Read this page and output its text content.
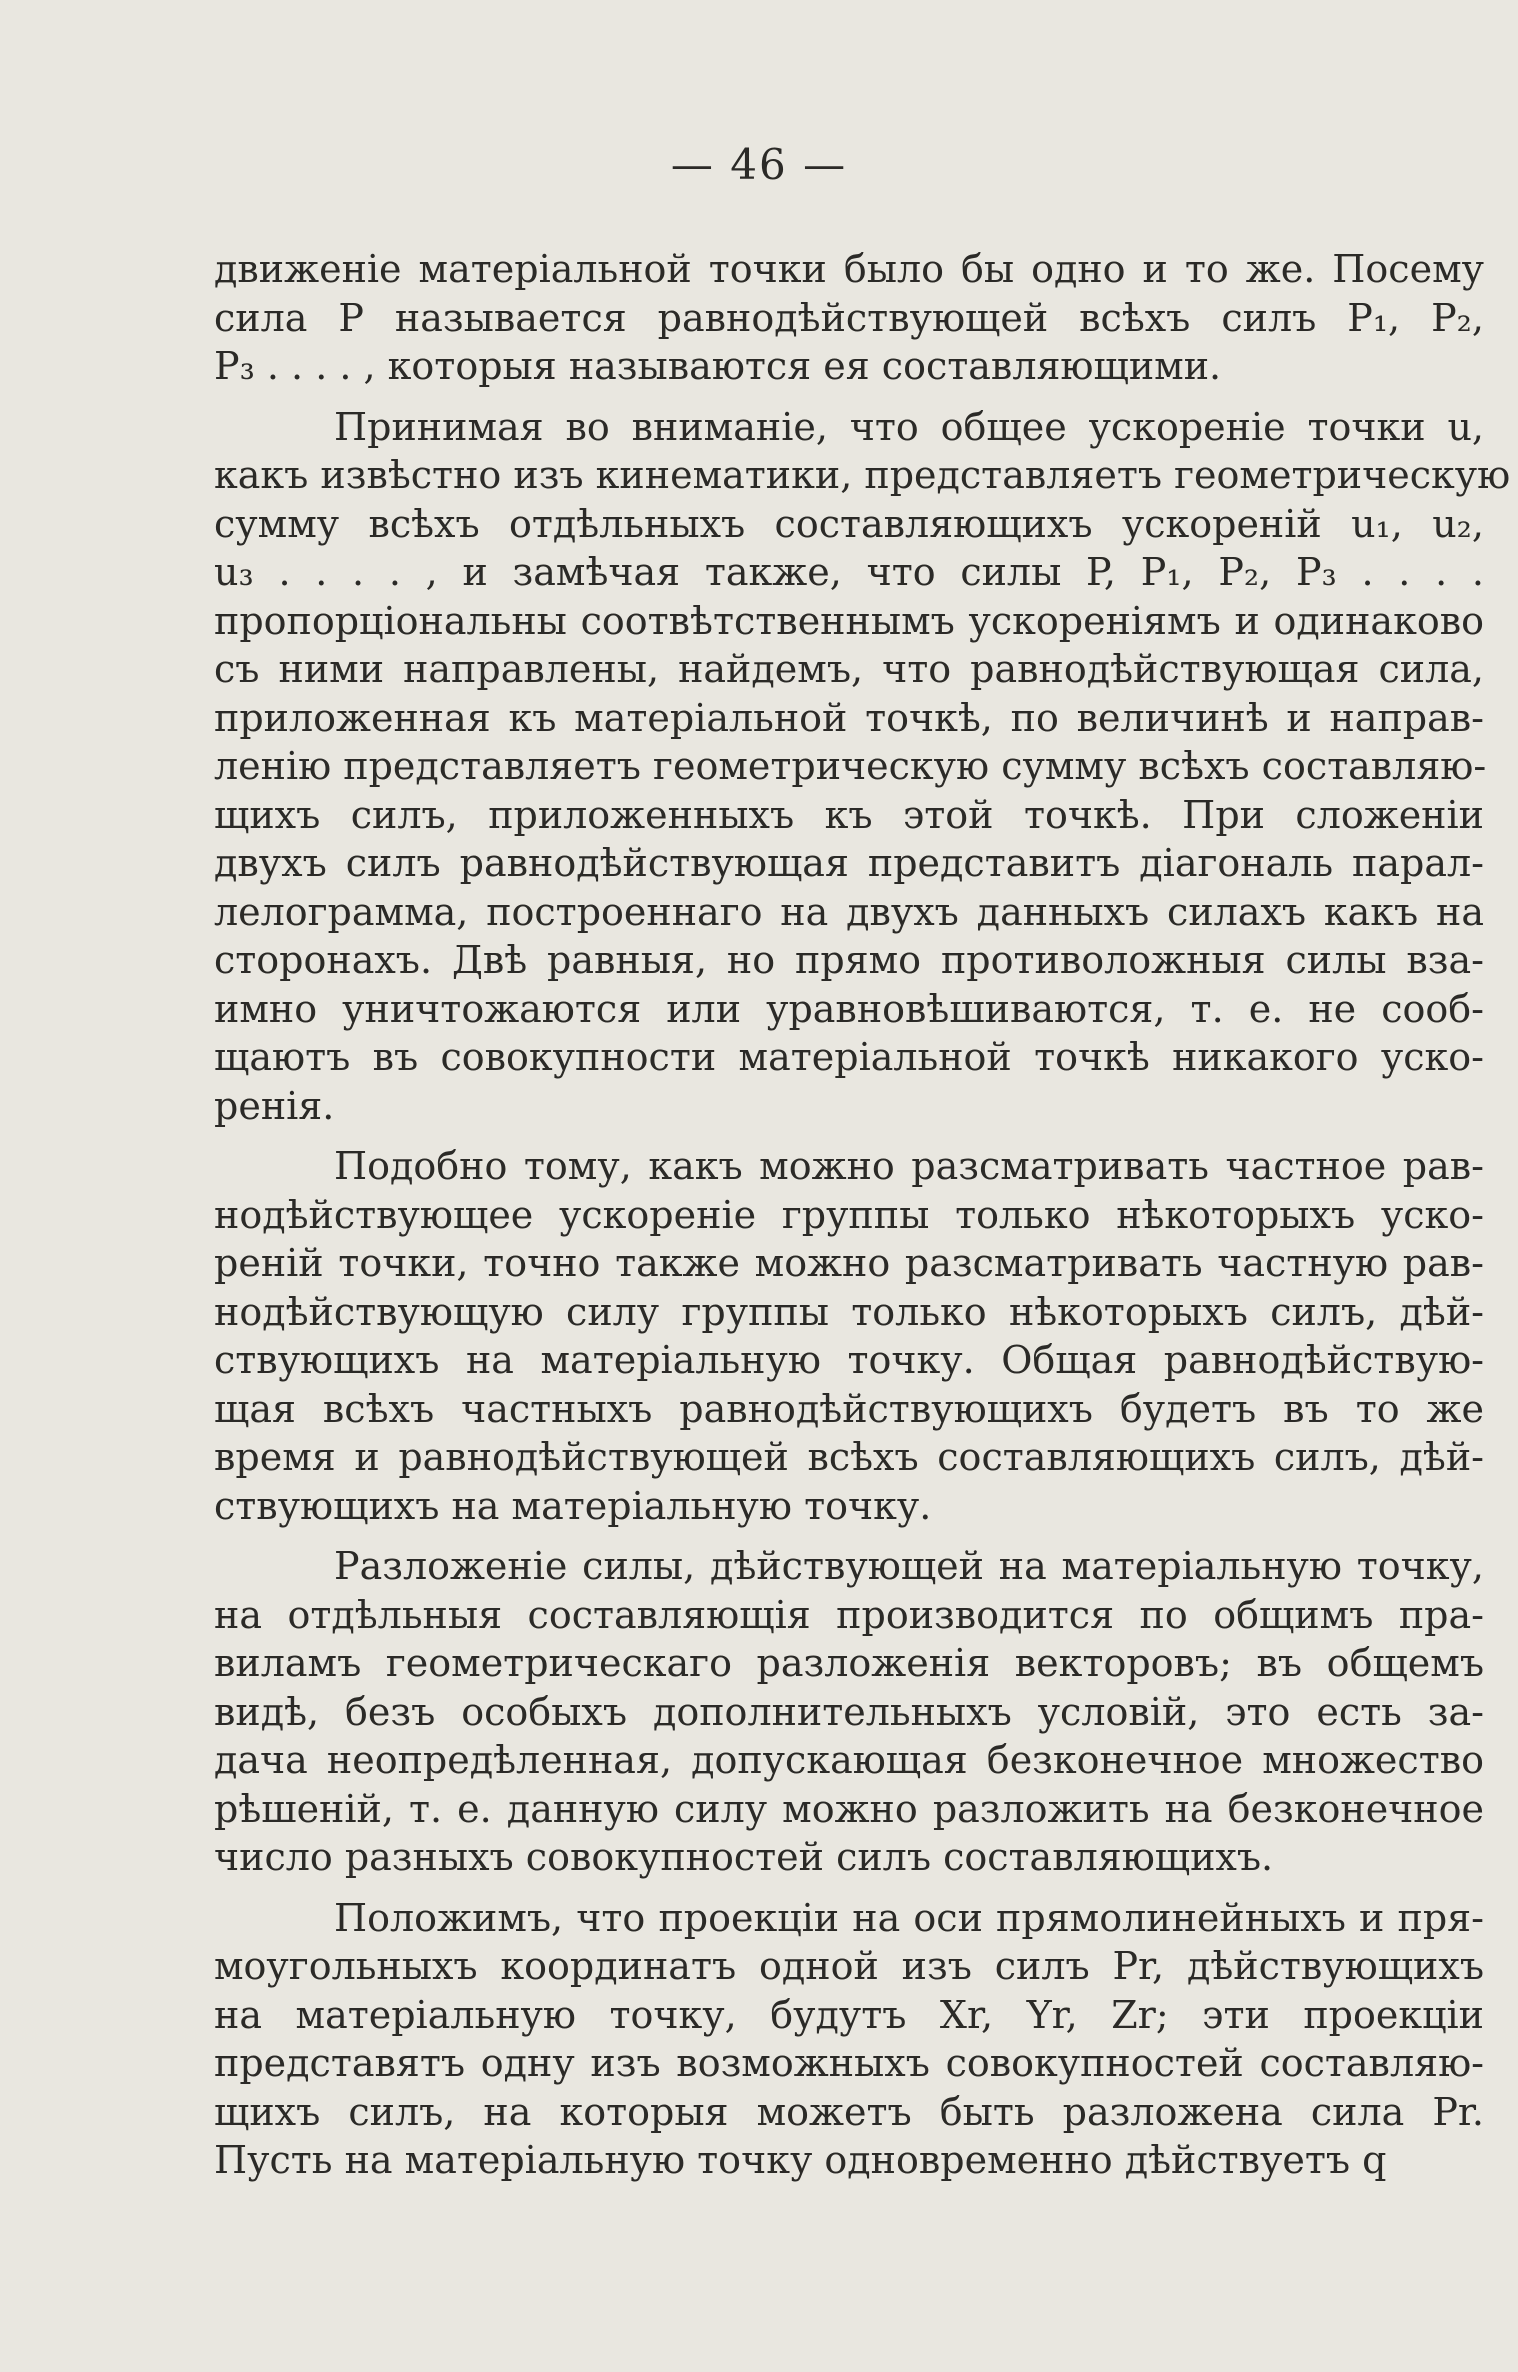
— 46 —
движенiе матерiальной точки было бы одно и то же. Посему
сила P называется равнодѣйствующей всѣхъ силъ P₁, P₂,
P₃ . . . . , которыя называются ея составляющими.
Принимая во вниманiе, что общее ускоренiе точки u,
какъ извѣстно изъ кинематики, представляетъ геометрическую
сумму всѣхъ отдѣльныхъ составляющихъ ускоренiй u₁, u₂,
u₃ . . . . , и замѣчая также, что силы P, P₁, P₂, P₃ . . . .
пропорцiональны соотвѣтственнымъ ускоренiямъ и одинаково
съ ними направлены, найдемъ, что равнодѣйствующая сила,
приложенная къ матерiальной точкѣ, по величинѣ и направ-
ленiю представляетъ геометрическую сумму всѣхъ составляю-
щихъ силъ, приложенныхъ къ этой точкѣ. При сложенiи
двухъ силъ равнодѣйствующая представитъ дiагональ парал-
лелограмма, построеннаго на двухъ данныхъ силахъ какъ на
сторонахъ. Двѣ равныя, но прямо противоложныя силы вза-
имно уничтожаются или уравновѣшиваются, т. е. не сооб-
щаютъ въ совокупности матерiальной точкѣ никакого уско-
ренiя.
Подобно тому, какъ можно разсматривать частное рав-
нодѣйствующее ускоренiе группы только нѣкоторыхъ уско-
ренiй точки, тoчно также можно разсматривать частную рав-
нодѣйствующую силу группы только нѣкоторыхъ силъ, дѣй-
ствующихъ на матерiальную точку. Общая равнодѣйствую-
щая всѣхъ частныхъ равнодѣйствующихъ будетъ въ то же
время и равнодѣйствующей всѣхъ составляющихъ силъ, дѣй-
ствующихъ на матерiальную точку.
Разложенiе силы, дѣйствующей на матерiальную точку,
на отдѣльныя составляющiя производится по общимъ пра-
виламъ геометрическаго разложенiя векторовъ; въ общемъ
видѣ, безъ особыхъ дополнительныхъ условiй, это есть за-
дача неопредѣленная, допускающая безконечное множество
рѣшенiй, т. е. данную силу можно разложить на безконечное
число разныхъ совокупностей силъ составляющихъ.
Положимъ, что проекцiи на оси прямолинейныхъ и пря-
моугольныхъ координатъ одной изъ силъ Pr, дѣйствующихъ
на матерiальную точку, будутъ Xr, Yr, Zr; эти проекцiи
представятъ одну изъ возможныхъ совокупностей составляю-
щихъ силъ, на которыя можетъ быть разложена сила Pr.
Пусть на матерiальную точку одновременно дѣйствуетъ q
